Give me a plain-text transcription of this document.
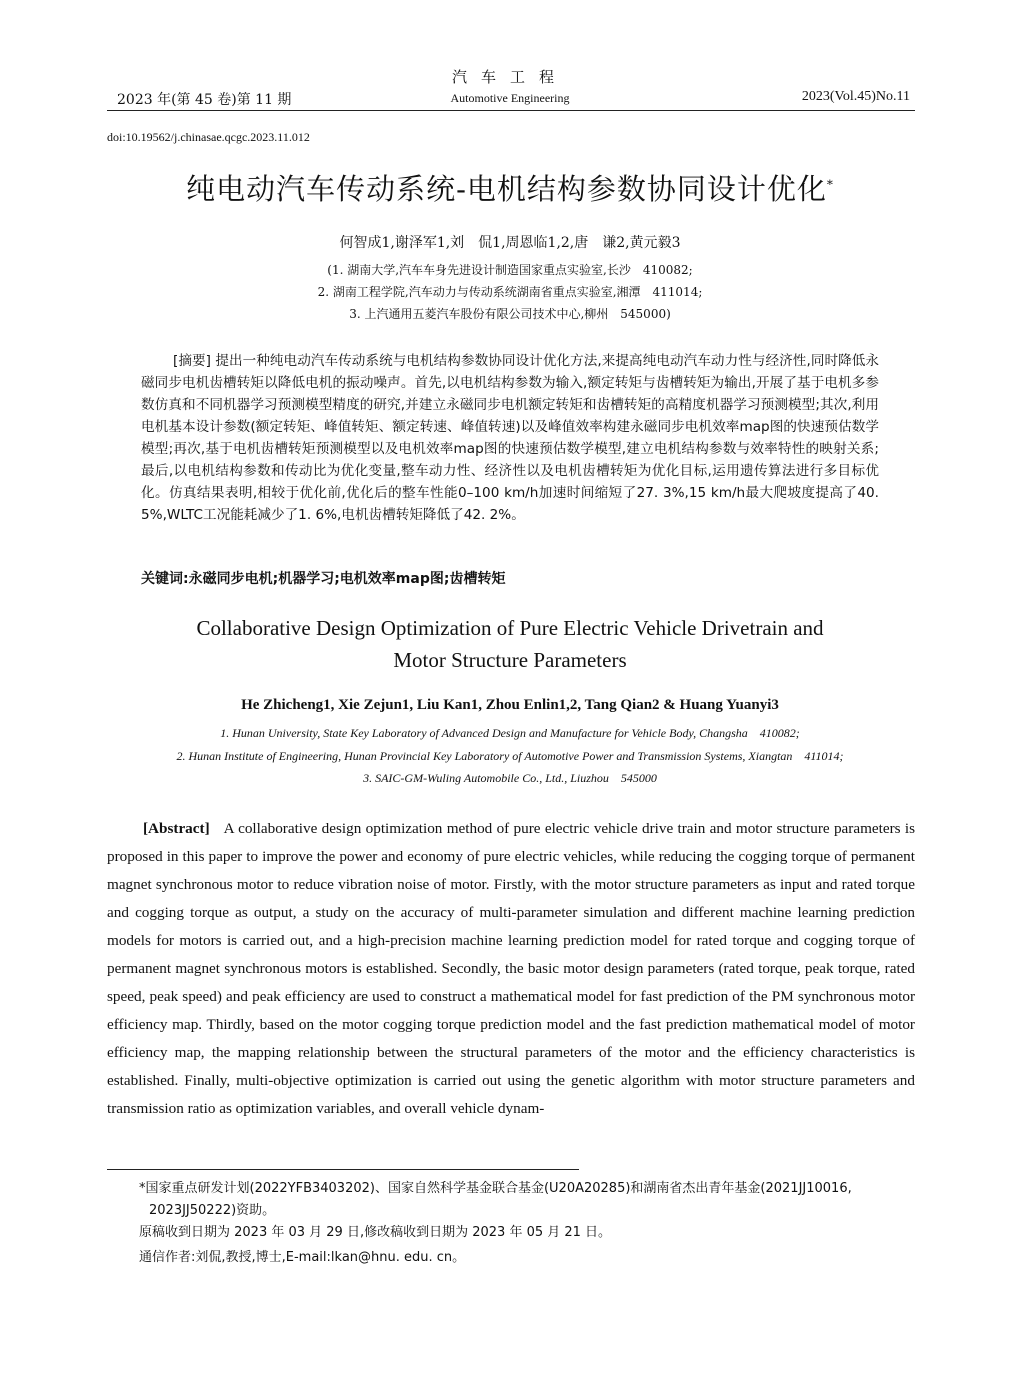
汽车工程
2023 年(第 45 卷)第 11 期	Automotive Engineering	2023(Vol.45)No.11
doi:10.19562/j.chinasae.qcgc.2023.11.012
纯电动汽车传动系统-电机结构参数协同设计优化*
何智成1,谢泽军1,刘　侃1,周恩临1,2,唐　谦2,黄元毅3
(1. 湖南大学,汽车车身先进设计制造国家重点实验室,长沙　410082;
2. 湖南工程学院,汽车动力与传动系统湖南省重点实验室,湘潭　411014;
3. 上汽通用五菱汽车股份有限公司技术中心,柳州　545000)
[摘要] 提出一种纯电动汽车传动系统与电机结构参数协同设计优化方法,来提高纯电动汽车动力性与经济性,同时降低永磁同步电机齿槽转矩以降低电机的振动噪声。首先,以电机结构参数为输入,额定转矩与齿槽转矩为输出,开展了基于电机多参数仿真和不同机器学习预测模型精度的研究,并建立永磁同步电机额定转矩和齿槽转矩的高精度机器学习预测模型;其次,利用电机基本设计参数(额定转矩、峰值转矩、额定转速、峰值转速)以及峰值效率构建永磁同步电机效率map图的快速预估数学模型;再次,基于电机齿槽转矩预测模型以及电机效率map图的快速预估数学模型,建立电机结构参数与效率特性的映射关系;最后,以电机结构参数和传动比为优化变量,整车动力性、经济性以及电机齿槽转矩为优化目标,运用遗传算法进行多目标优化。仿真结果表明,相较于优化前,优化后的整车性能0–100 km/h加速时间缩短了27. 3%,15 km/h最大爬坡度提高了40. 5%,WLTC工况能耗减少了1. 6%,电机齿槽转矩降低了42. 2%。
关键词:永磁同步电机;机器学习;电机效率map图;齿槽转矩
Collaborative Design Optimization of Pure Electric Vehicle Drivetrain and
Motor Structure Parameters
He Zhicheng1, Xie Zejun1, Liu Kan1, Zhou Enlin1,2, Tang Qian2 & Huang Yuanyi3
1. Hunan University, State Key Laboratory of Advanced Design and Manufacture for Vehicle Body, Changsha　410082;
2. Hunan Institute of Engineering, Hunan Provincial Key Laboratory of Automotive Power and Transmission Systems, Xiangtan　411014;
3. SAIC-GM-Wuling Automobile Co., Ltd., Liuzhou　545000
[Abstract] A collaborative design optimization method of pure electric vehicle drive train and motor structure parameters is proposed in this paper to improve the power and economy of pure electric vehicles, while reducing the cogging torque of permanent magnet synchronous motor to reduce vibration noise of motor. Firstly, with the motor structure parameters as input and rated torque and cogging torque as output, a study on the accuracy of multi-parameter simulation and different machine learning prediction models for motors is carried out, and a high-precision machine learning prediction model for rated torque and cogging torque of permanent magnet synchronous motors is established. Secondly, the basic motor design parameters (rated torque, peak torque, rated speed, peak speed) and peak efficiency are used to construct a mathematical model for fast prediction of the PM synchronous motor efficiency map. Thirdly, based on the motor cogging torque prediction model and the fast prediction mathematical model of motor efficiency map, the mapping relationship between the structural parameters of the motor and the efficiency characteristics is established. Finally, multi-objective optimization is carried out using the genetic algorithm with motor structure parameters and transmission ratio as optimization variables, and overall vehicle dynam-
*国家重点研发计划(2022YFB3403202)、国家自然科学基金联合基金(U20A20285)和湖南省杰出青年基金(2021JJ10016,
2023JJ50222)资助。
原稿收到日期为 2023 年 03 月 29 日,修改稿收到日期为 2023 年 05 月 21 日。
通信作者:刘侃,教授,博士,E-mail:lkan@hnu. edu. cn。
